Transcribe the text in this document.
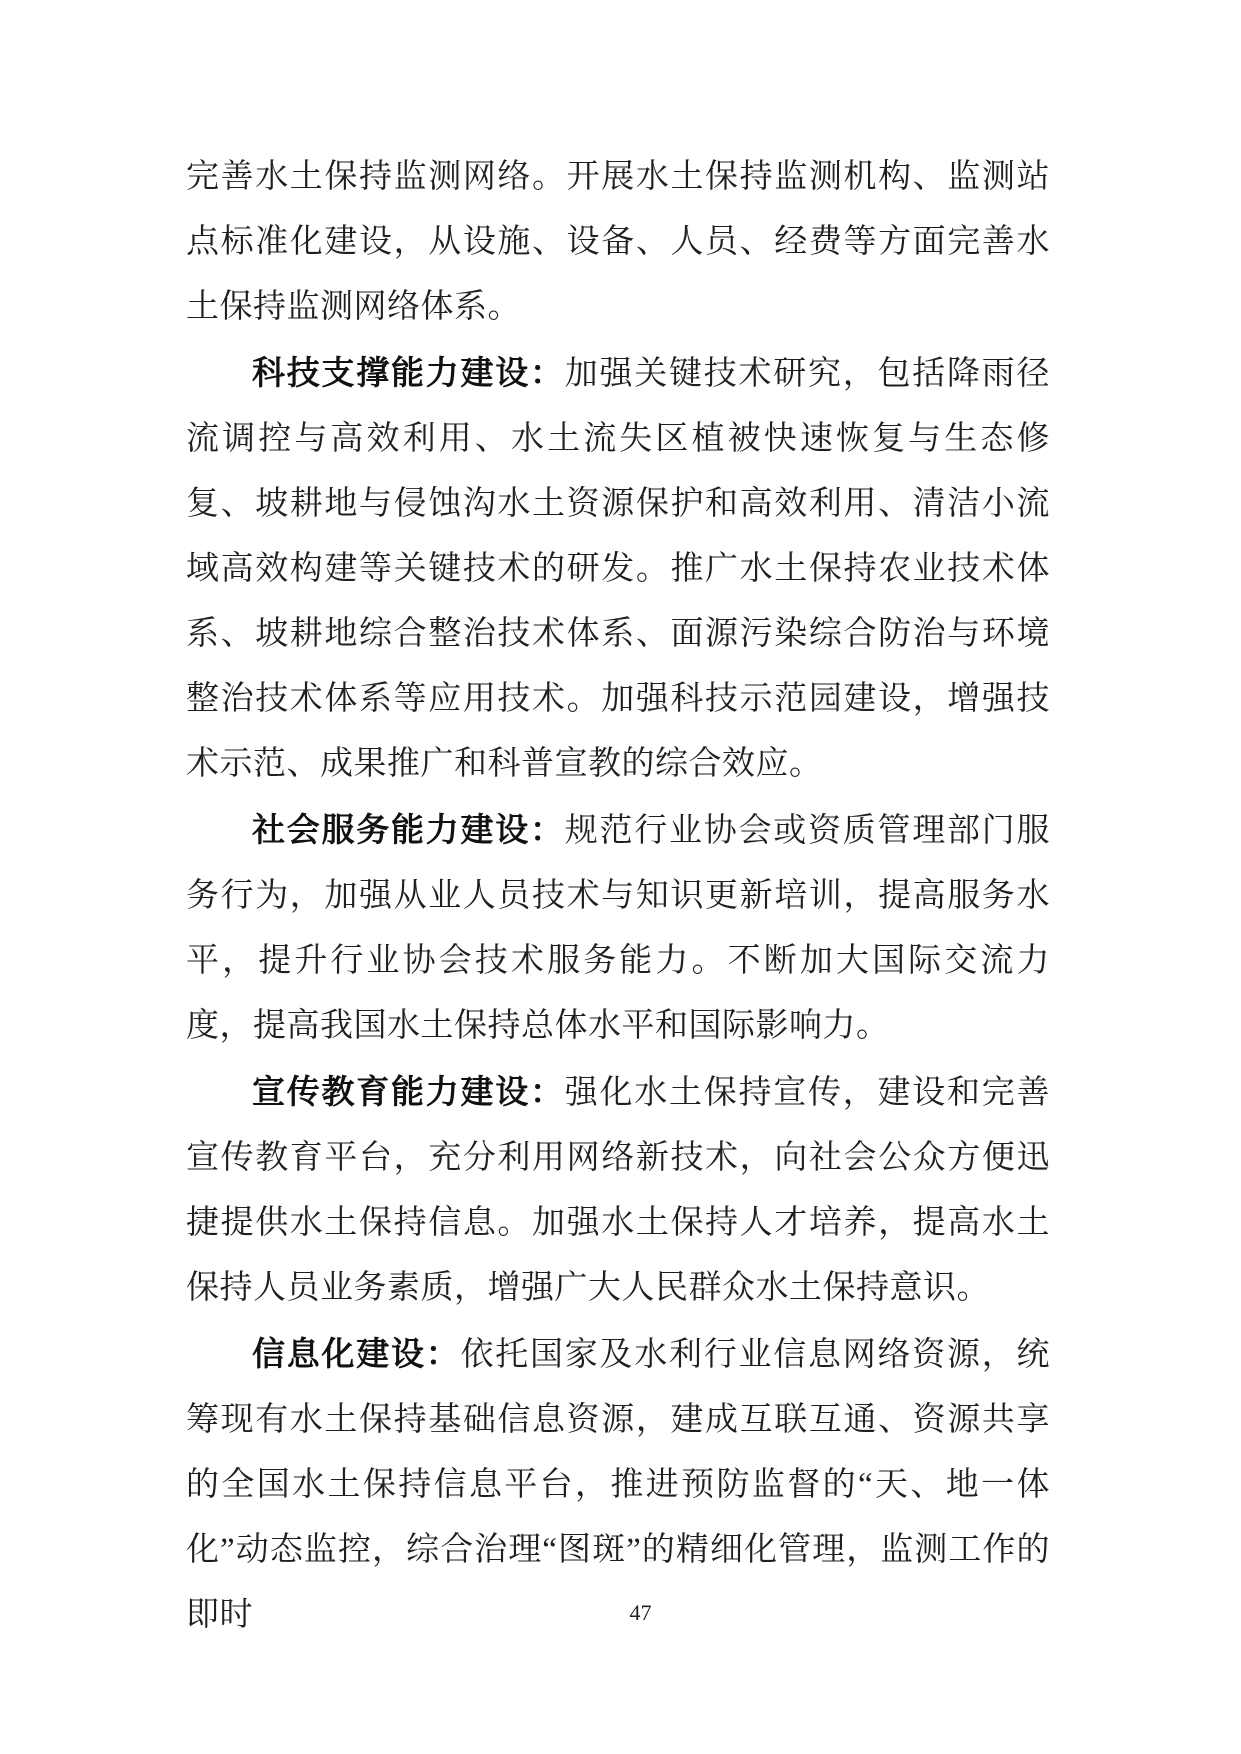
完善水土保持监测网络。开展水土保持监测机构、监测站点标准化建设，从设施、设备、人员、经费等方面完善水土保持监测网络体系。

科技支撑能力建设：加强关键技术研究，包括降雨径流调控与高效利用、水土流失区植被快速恢复与生态修复、坡耕地与侵蚀沟水土资源保护和高效利用、清洁小流域高效构建等关键技术的研发。推广水土保持农业技术体系、坡耕地综合整治技术体系、面源污染综合防治与环境整治技术体系等应用技术。加强科技示范园建设，增强技术示范、成果推广和科普宣教的综合效应。

社会服务能力建设：规范行业协会或资质管理部门服务行为，加强从业人员技术与知识更新培训，提高服务水平，提升行业协会技术服务能力。不断加大国际交流力度，提高我国水土保持总体水平和国际影响力。

宣传教育能力建设：强化水土保持宣传，建设和完善宣传教育平台，充分利用网络新技术，向社会公众方便迅捷提供水土保持信息。加强水土保持人才培养，提高水土保持人员业务素质，增强广大人民群众水土保持意识。

信息化建设：依托国家及水利行业信息网络资源，统筹现有水土保持基础信息资源，建成互联互通、资源共享的全国水土保持信息平台，推进预防监督的“天、地一体化”动态监控，综合治理“图斑”的精细化管理，监测工作的即时	47
